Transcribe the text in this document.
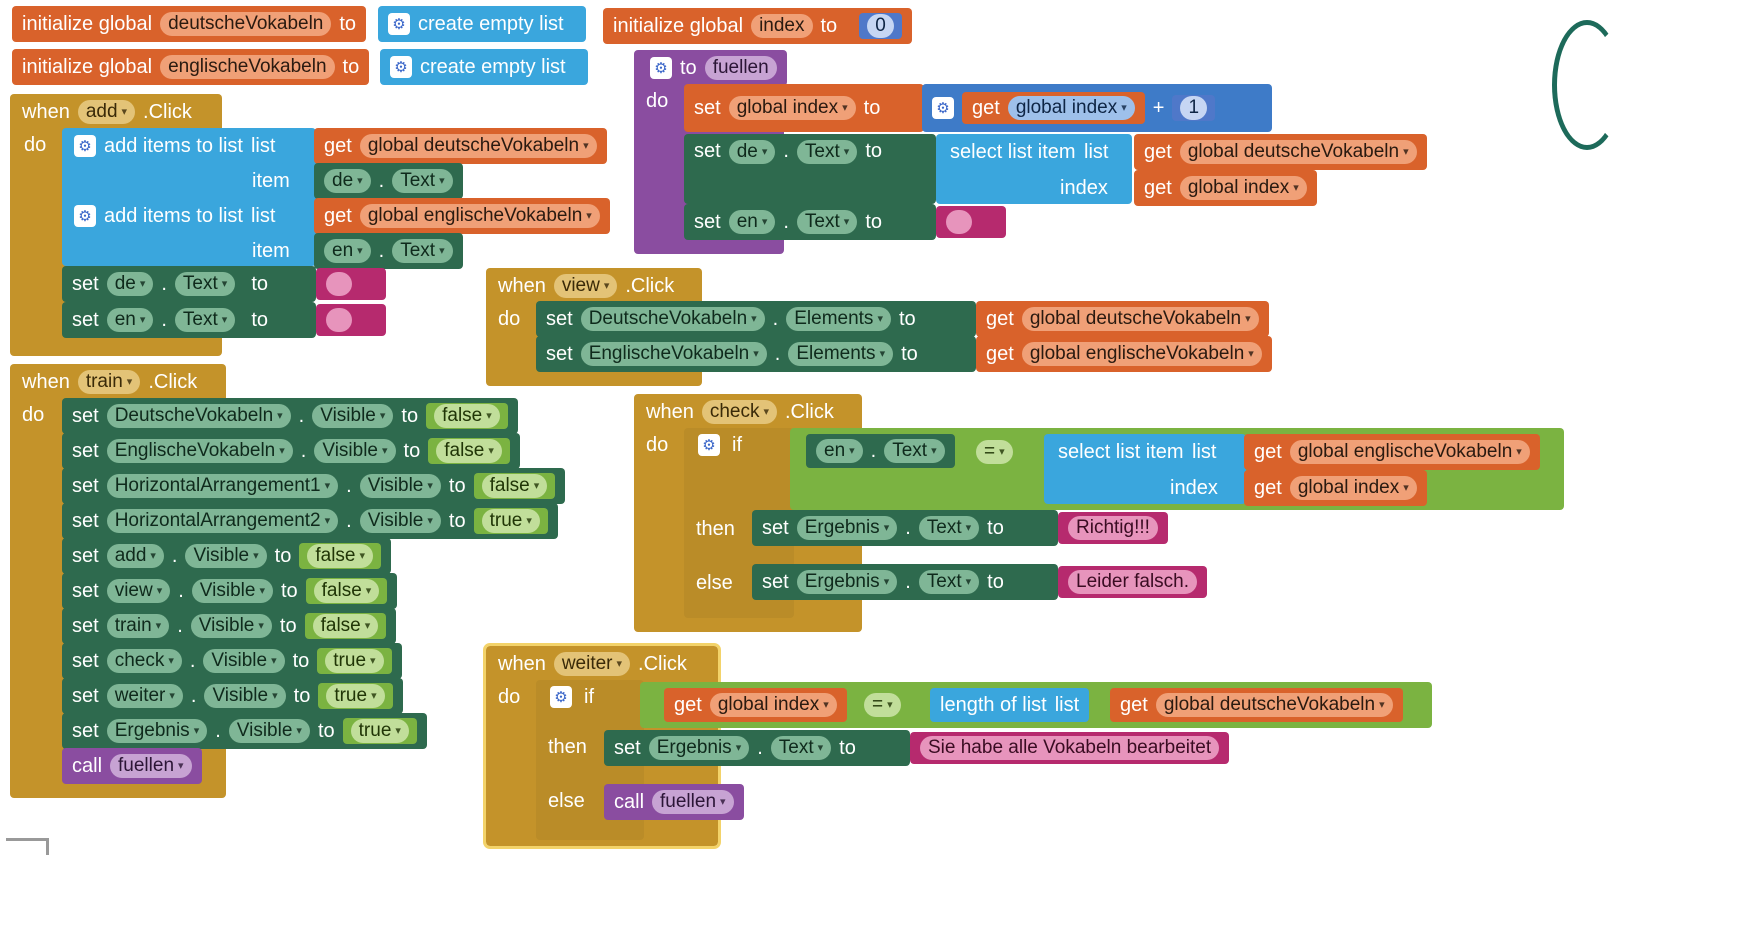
initialize global deutscheVokabeln to ⚙ create empty list
initialize global englischeVokabeln to ⚙ create empty list
initialize global index to	0
when add ▾	.Click
do ⚙ add items to list list get global deutscheVokabeln ▾
item	de ▾	. Text ▾
⚙ add items to list list get global englischeVokabeln ▾
item	en ▾	. Text ▾
set de ▾	. Text ▾	to
set en ▾	. Text ▾	to
⚙ to fuellen
do set global index ▾	to	⚙ get global index ▾	+	1
set de ▾	. Text ▾	to	select list item list
index
get global deutscheVokabeln ▾
get global index ▾
set en ▾	. Text ▾	to
when view ▾	.Click
do set DeutscheVokabeln ▾	. Elements ▾	to	get global deutscheVokabeln ▾
set EnglischeVokabeln ▾	. Elements ▾	to	get global englischeVokabeln ▾
when train ▾	.Click
do set DeutscheVokabeln ▾	. Visible ▾	to	false ▾
set EnglischeVokabeln ▾	. Visible ▾	to	false ▾
set HorizontalArrangement1 ▾	. Visible ▾	to	false ▾
set HorizontalArrangement2 ▾	. Visible ▾	to	true ▾
set add ▾	. Visible ▾	to	false ▾
set view ▾	. Visible ▾	to	false ▾
set train ▾	. Visible ▾	to	false ▾
set check ▾	. Visible ▾	to	true ▾
set weiter ▾	. Visible ▾	to	true ▾
set Ergebnis ▾	. Visible ▾	to	true ▾
call fuellen ▾
when check ▾	.Click
do ⚙ if	en ▾	. Text ▾	= ▾	select list item list
index
get global englischeVokabeln ▾
get global index ▾
then set Ergebnis ▾	. Text ▾	to	Richtig!!!
else set Ergebnis ▾	. Text ▾	to	Leider falsch.
when weiter ▾	.Click
do ⚙ if	get global index ▾	= ▾	length of list list get global deutscheVokabeln ▾
then set Ergebnis ▾	. Text ▾	to	Sie habe alle Vokabeln bearbeitet
else call fuellen ▾
